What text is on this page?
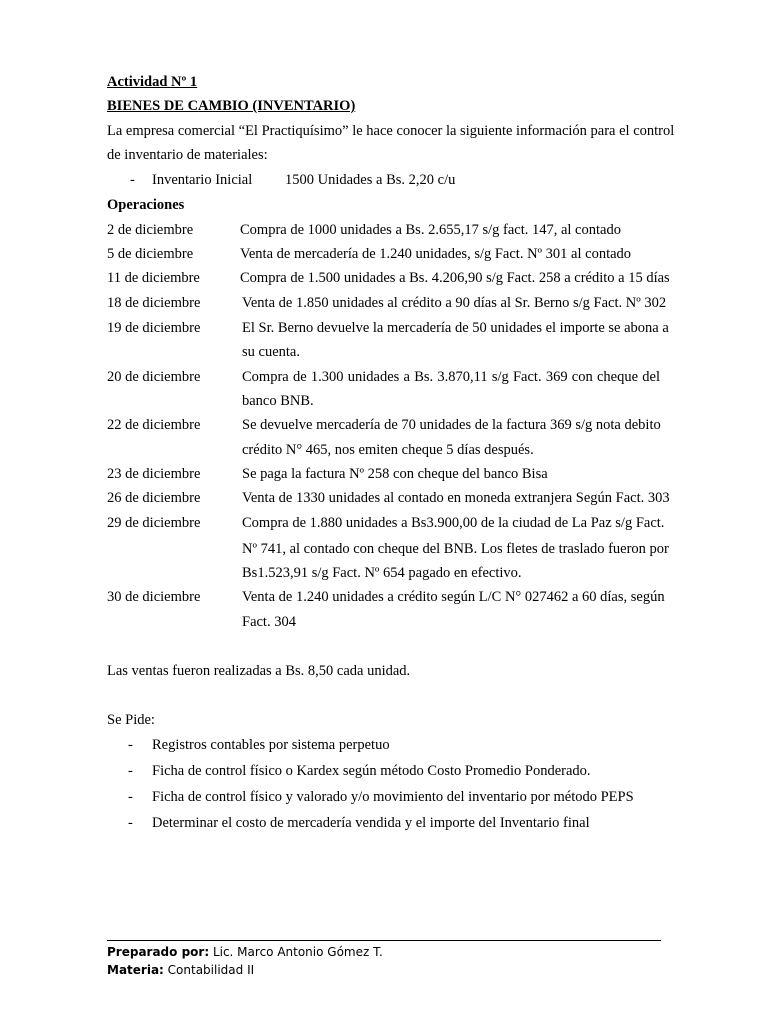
Actividad Nº 1
BIENES DE CAMBIO (INVENTARIO)
La empresa comercial “El Practiquísimo” le hace conocer la siguiente información para el control
de inventario de materiales:
- Inventario Inicial 1500 Unidades a Bs. 2,20 c/u
Operaciones
2 de diciembre	Compra de 1000 unidades a Bs. 2.655,17 s/g fact. 147, al contado
5 de diciembre	Venta de mercadería de 1.240 unidades, s/g Fact. Nº 301 al contado
11 de diciembre	Compra de 1.500 unidades a Bs. 4.206,90 s/g Fact. 258 a crédito a 15 días
18 de diciembre	Venta de 1.850 unidades al crédito a 90 días al Sr. Berno s/g Fact. Nº 302
19 de diciembre	El Sr. Berno devuelve la mercadería de 50 unidades el importe se abona a
su cuenta.
20 de diciembre	Compra de 1.300 unidades a Bs. 3.870,11 s/g Fact. 369 con cheque del
banco BNB.
22 de diciembre	Se devuelve mercadería de 70 unidades de la factura 369 s/g nota debito
crédito N° 465, nos emiten cheque 5 días después.
23 de diciembre	Se paga la factura Nº 258 con cheque del banco Bisa
26 de diciembre	Venta de 1330 unidades al contado en moneda extranjera Según Fact. 303
29 de diciembre	Compra de 1.880 unidades a Bs3.900,00 de la ciudad de La Paz s/g Fact.
Nº 741, al contado con cheque del BNB. Los fletes de traslado fueron por
Bs1.523,91 s/g Fact. Nº 654 pagado en efectivo.
30 de diciembre	Venta de 1.240 unidades a crédito según L/C N° 027462 a 60 días, según
Fact. 304
Las ventas fueron realizadas a Bs. 8,50 cada unidad.
Se Pide:
- Registros contables por sistema perpetuo
- Ficha de control físico o Kardex según método Costo Promedio Ponderado.
- Ficha de control físico y valorado y/o movimiento del inventario por método PEPS
- Determinar el costo de mercadería vendida y el importe del Inventario final
Preparado por: Lic. Marco Antonio Gómez T.
Materia: Contabilidad II
